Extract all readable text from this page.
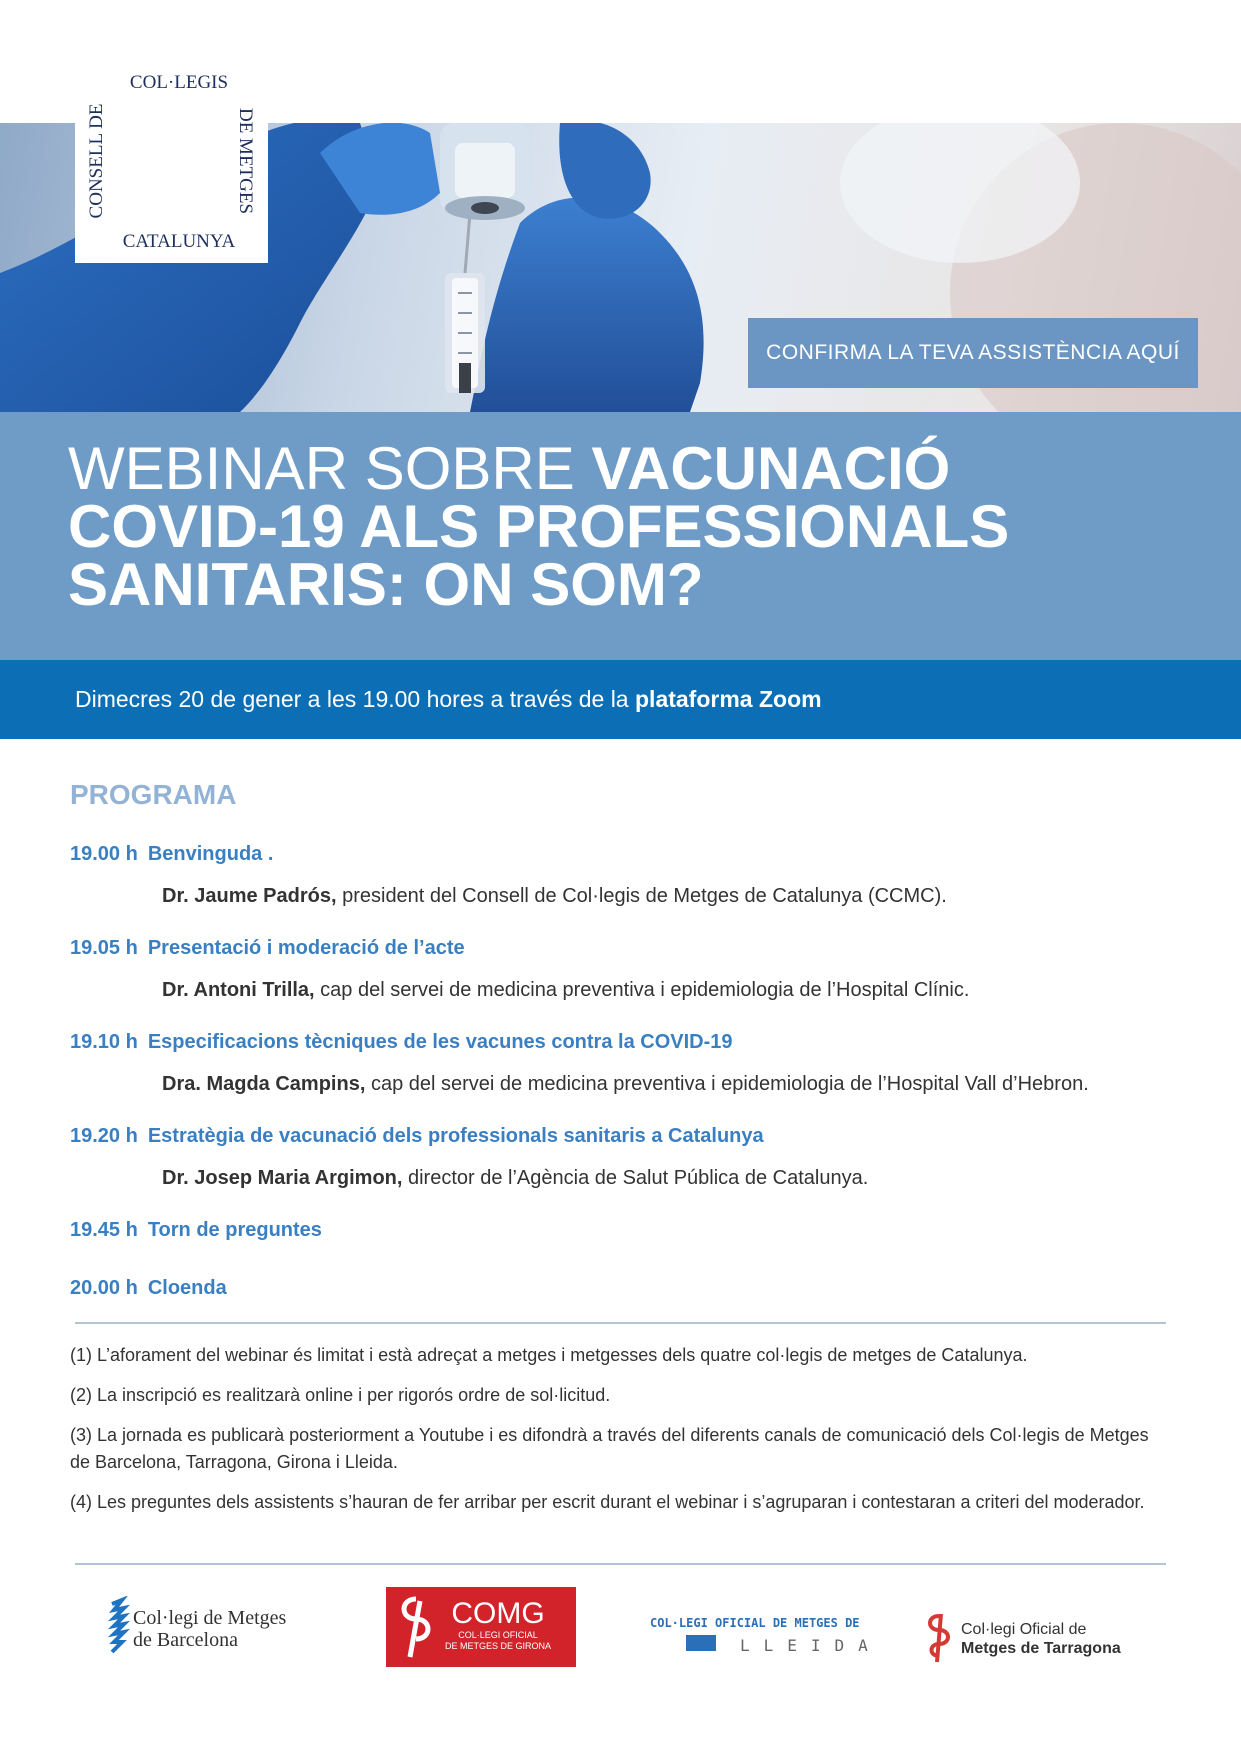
COL·LEGIS
CATALUNYA
CONSELL DE	DE METGES
CONFIRMA LA TEVA ASSISTÈNCIA AQUÍ
WEBINAR SOBRE VACUNACIÓ COVID-19 ALS PROFESSIONALS SANITARIS: ON SOM?
Dimecres 20 de gener a les 19.00 hores a través de la plataforma Zoom
PROGRAMA
19.00 h Benvinguda .
Dr. Jaume Padrós, president del Consell de Col·legis de Metges de Catalunya (CCMC).
19.05 h Presentació i moderació de l’acte
Dr. Antoni Trilla, cap del servei de medicina preventiva i epidemiologia de l’Hospital Clínic.
19.10 h Especificacions tècniques de les vacunes contra la COVID-19
Dra. Magda Campins, cap del servei de medicina preventiva i epidemiologia de l’Hospital Vall d’Hebron.
19.20 h Estratègia de vacunació dels professionals sanitaris a Catalunya
Dr. Josep Maria Argimon, director de l’Agència de Salut Pública de Catalunya.
19.45 h Torn de preguntes
20.00 h Cloenda
(1) L’aforament del webinar és limitat i està adreçat a metges i metgesses dels quatre col·legis de metges de Catalunya.
(2) La inscripció es realitzarà online i per rigorós ordre de sol·licitud.
(3) La jornada es publicarà posteriorment a Youtube i es difondrà a través del diferents canals de comunicació dels Col·legis de Metges de Barcelona, Tarragona, Girona i Lleida.
(4) Les preguntes dels assistents s’hauran de fer arribar per escrit durant el webinar i s’agruparan i contestaran a criteri del moderador.
Col·legi de Metges
de Barcelona
COMG
COL·LEGI OFICIAL
DE METGES DE GIRONA
COL·LEGI OFICIAL DE METGES DE
LLEIDA
Col·legi Oficial de
Metges de Tarragona
